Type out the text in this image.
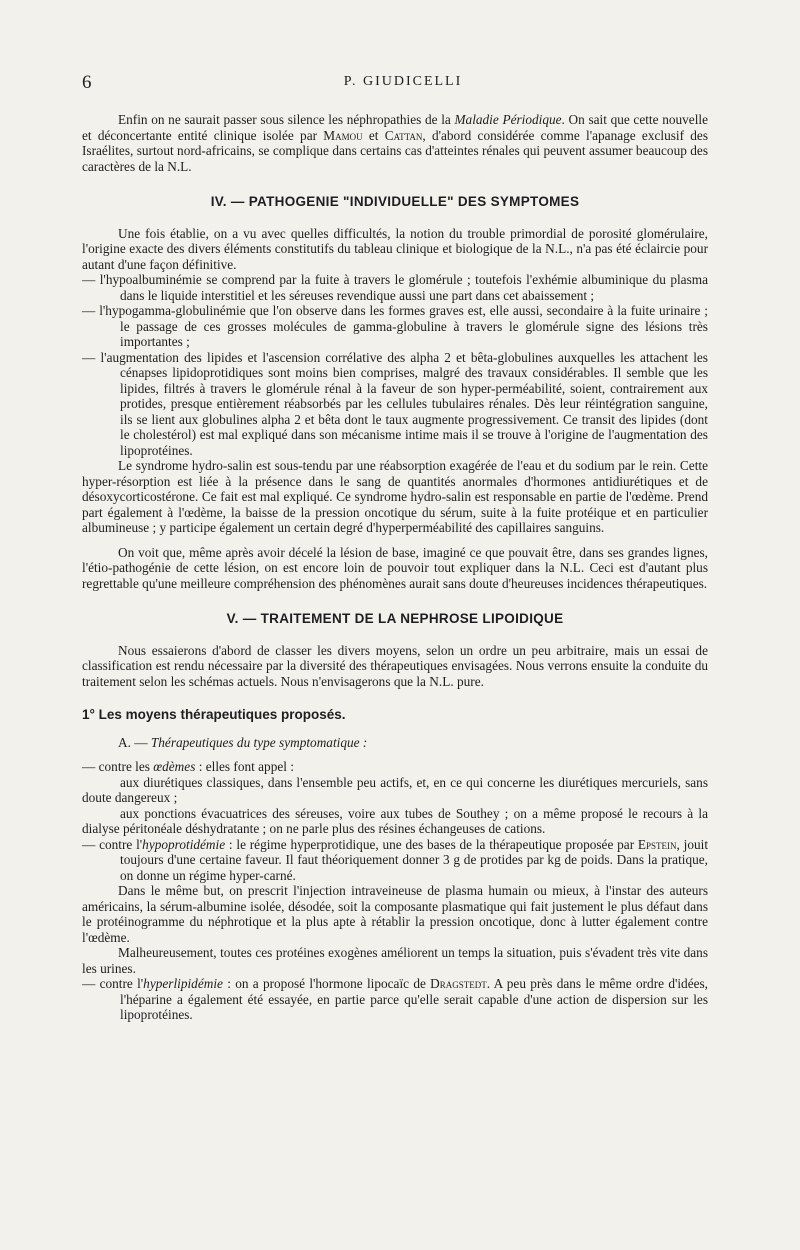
6	P. GIUDICELLI

Enfin on ne saurait passer sous silence les néphropathies de la Maladie Périodique. On sait que cette nouvelle et déconcertante entité clinique isolée par Mamou et Cattan, d'abord considérée comme l'apanage exclusif des Israélites, surtout nord-africains, se complique dans certains cas d'atteintes rénales qui peuvent assumer beaucoup des caractères de la N.L.

IV. — PATHOGENIE "INDIVIDUELLE" DES SYMPTOMES

Une fois établie, on a vu avec quelles difficultés, la notion du trouble primordial de porosité glomérulaire, l'origine exacte des divers éléments constitutifs du tableau clinique et biologique de la N.L., n'a pas été éclaircie pour autant d'une façon définitive.

— l'hypoalbuminémie se comprend par la fuite à travers le glomérule ; toutefois l'exhémie albuminique du plasma dans le liquide interstitiel et les séreuses revendique aussi une part dans cet abaissement ;

— l'hypogamma-globulinémie que l'on observe dans les formes graves est, elle aussi, secondaire à la fuite urinaire ; le passage de ces grosses molécules de gamma-globuline à travers le glomérule signe des lésions très importantes ;

— l'augmentation des lipides et l'ascension corrélative des alpha 2 et bêta-globulines auxquelles les attachent les cénapses lipidoprotidiques sont moins bien comprises, malgré des travaux considérables. Il semble que les lipides, filtrés à travers le glomérule rénal à la faveur de son hyper-perméabilité, soient, contrairement aux protides, presque entièrement réabsorbés par les cellules tubulaires rénales. Dès leur réintégration sanguine, ils se lient aux globulines alpha 2 et bêta dont le taux augmente progressivement. Ce transit des lipides (dont le cholestérol) est mal expliqué dans son mécanisme intime mais il se trouve à l'origine de l'augmentation des lipoprotéines.

Le syndrome hydro-salin est sous-tendu par une réabsorption exagérée de l'eau et du sodium par le rein. Cette hyper-résorption est liée à la présence dans le sang de quantités anormales d'hormones antidiurétiques et de désoxycorticostérone. Ce fait est mal expliqué. Ce syndrome hydro-salin est responsable en partie de l'œdème. Prend part également à l'œdème, la baisse de la pression oncotique du sérum, suite à la fuite protéique et en particulier albumineuse ; y participe également un certain degré d'hyperperméabilité des capillaires sanguins.

On voit que, même après avoir décelé la lésion de base, imaginé ce que pouvait être, dans ses grandes lignes, l'étio-pathogénie de cette lésion, on est encore loin de pouvoir tout expliquer dans la N.L. Ceci est d'autant plus regrettable qu'une meilleure compréhension des phénomènes aurait sans doute d'heureuses incidences thérapeutiques.

V. — TRAITEMENT DE LA NEPHROSE LIPOIDIQUE

Nous essaierons d'abord de classer les divers moyens, selon un ordre un peu arbitraire, mais un essai de classification est rendu nécessaire par la diversité des thérapeutiques envisagées. Nous verrons ensuite la conduite du traitement selon les schémas actuels. Nous n'envisagerons que la N.L. pure.

1° Les moyens thérapeutiques proposés.

A. — Thérapeutiques du type symptomatique :

— contre les œdèmes : elles font appel :

aux diurétiques classiques, dans l'ensemble peu actifs, et, en ce qui concerne les diurétiques mercuriels, sans doute dangereux ;

aux ponctions évacuatrices des séreuses, voire aux tubes de Southey ; on a même proposé le recours à la dialyse péritonéale déshydratante ; on ne parle plus des résines échangeuses de cations.

— contre l'hypoprotidémie : le régime hyperprotidique, une des bases de la thérapeutique proposée par Epstein, jouit toujours d'une certaine faveur. Il faut théoriquement donner 3 g de protides par kg de poids. Dans la pratique, on donne un régime hyper-carné.

Dans le même but, on prescrit l'injection intraveineuse de plasma humain ou mieux, à l'instar des auteurs américains, la sérum-albumine isolée, désodée, soit la composante plasmatique qui fait justement le plus défaut dans le protéinogramme du néphrotique et la plus apte à rétablir la pression oncotique, donc à lutter également contre l'œdème.

Malheureusement, toutes ces protéines exogènes améliorent un temps la situation, puis s'évadent très vite dans les urines.

— contre l'hyperlipidémie : on a proposé l'hormone lipocaïc de Dragstedt. A peu près dans le même ordre d'idées, l'héparine a également été essayée, en partie parce qu'elle serait capable d'une action de dispersion sur les lipoprotéines.
